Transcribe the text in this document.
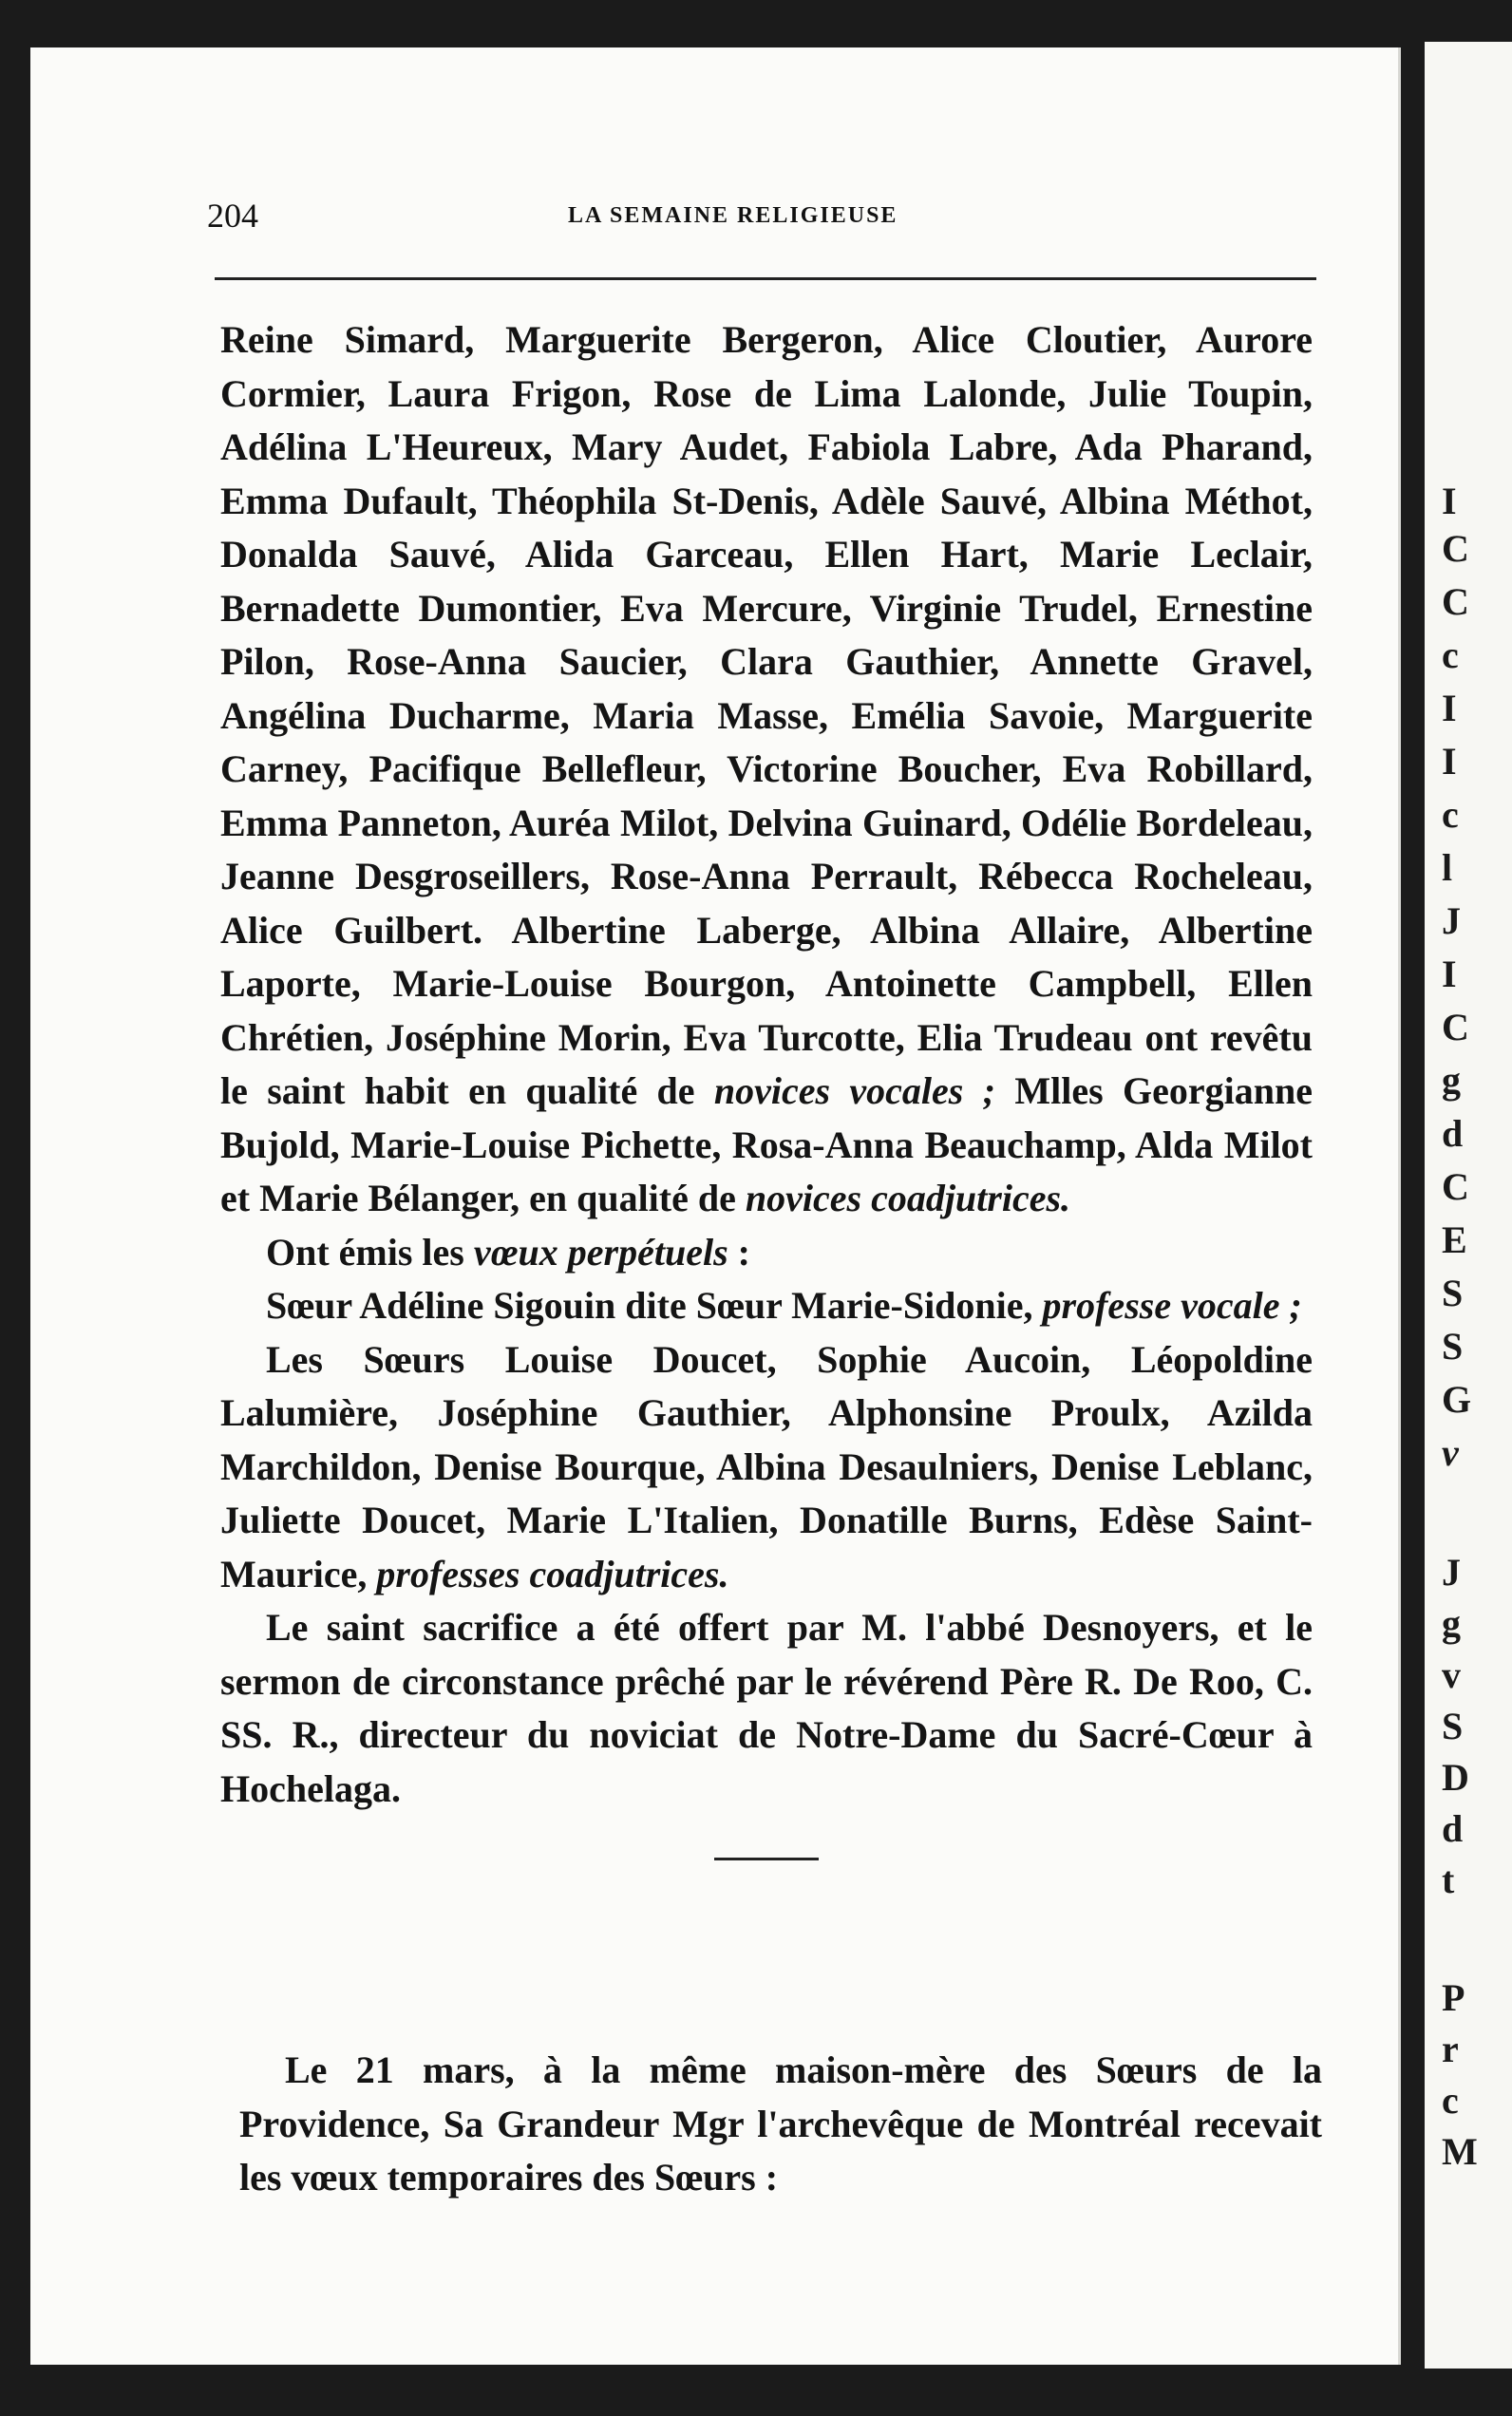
204	LA SEMAINE RELIGIEUSE

Reine Simard, Marguerite Bergeron, Alice Cloutier, Aurore Cormier, Laura Frigon, Rose de Lima Lalonde, Julie Toupin, Adélina L'Heureux, Mary Audet, Fabiola Labre, Ada Pharand, Emma Dufault, Théophila St-Denis, Adèle Sauvé, Albina Méthot, Donalda Sauvé, Alida Garceau, Ellen Hart, Marie Leclair, Bernadette Dumontier, Eva Mercure, Virginie Trudel, Ernestine Pilon, Rose-Anna Saucier, Clara Gauthier, Annette Gravel, Angélina Ducharme, Maria Masse, Emélia Savoie, Marguerite Carney, Pacifique Bellefleur, Victorine Boucher, Eva Robillard, Emma Panneton, Auréa Milot, Delvina Guinard, Odélie Bordeleau, Jeanne Desgroseillers, Rose-Anna Perrault, Rébecca Rocheleau, Alice Guilbert. Albertine Laberge, Albina Allaire, Albertine Laporte, Marie-Louise Bourgon, Antoinette Campbell, Ellen Chrétien, Joséphine Morin, Eva Turcotte, Elia Trudeau ont revêtu le saint habit en qualité de novices vocales ; Mlles Georgianne Bujold, Marie-Louise Pichette, Rosa-Anna Beauchamp, Alda Milot et Marie Bélanger, en qualité de novices coadjutrices.

Ont émis les vœux perpétuels :

Sœur Adéline Sigouin dite Sœur Marie-Sidonie, professe vocale ;

Les Sœurs Louise Doucet, Sophie Aucoin, Léopoldine Lalumière, Joséphine Gauthier, Alphonsine Proulx, Azilda Marchildon, Denise Bourque, Albina Desaulniers, Denise Leblanc, Juliette Doucet, Marie L'Italien, Donatille Burns, Edèse Saint-Maurice, professes coadjutrices.

Le saint sacrifice a été offert par M. l'abbé Desnoyers, et le sermon de circonstance prêché par le révérend Père R. De Roo, C. SS. R., directeur du noviciat de Notre-Dame du Sacré-Cœur à Hochelaga.

Le 21 mars, à la même maison-mère des Sœurs de la Providence, Sa Grandeur Mgr l'archevêque de Montréal recevait les vœux temporaires des Sœurs :

I
C
C
c
I
I
c
l
J
I
C
g
d
C
E
S
S
G
v
J
g
v
S
D
d
t
P
r
c
M
